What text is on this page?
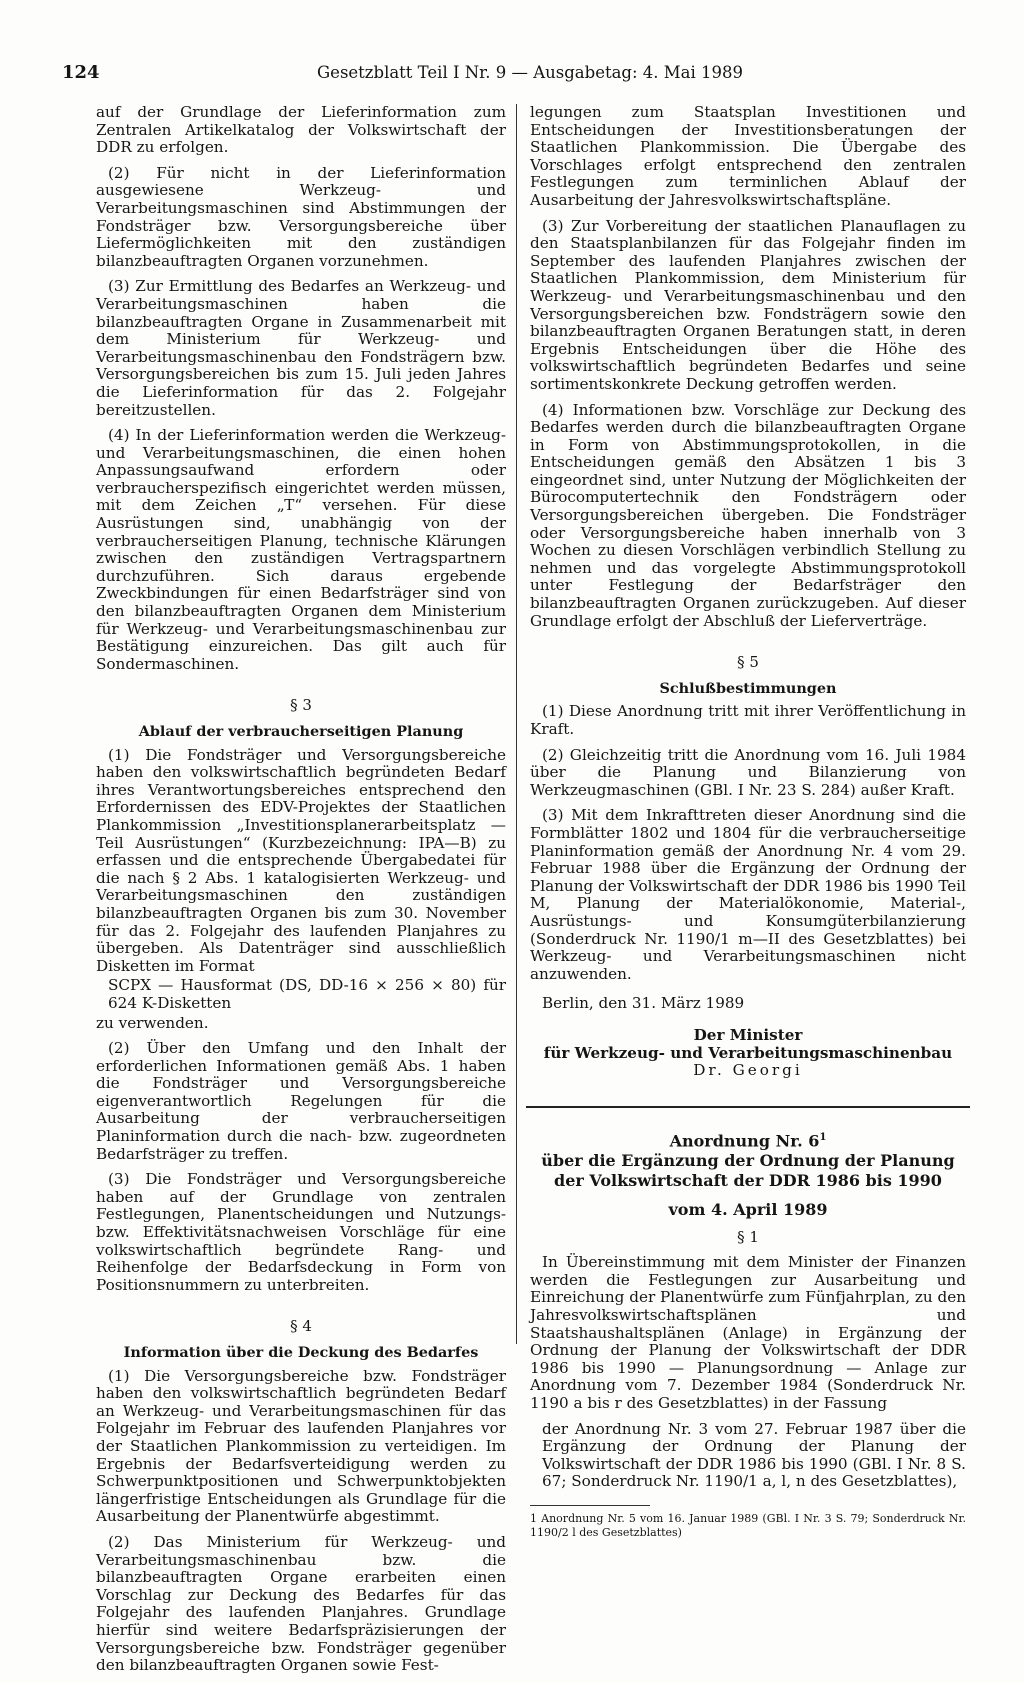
124	Gesetzblatt Teil I Nr. 9 — Ausgabetag: 4. Mai 1989

auf der Grundlage der Lieferinformation zum Zentralen Artikelkatalog der Volkswirtschaft der DDR zu erfolgen.

(2) Für nicht in der Lieferinformation ausgewiesene Werkzeug- und Verarbeitungsmaschinen sind Abstimmungen der Fondsträger bzw. Versorgungsbereiche über Liefermöglichkeiten mit den zuständigen bilanzbeauftragten Organen vorzunehmen.

(3) Zur Ermittlung des Bedarfes an Werkzeug- und Verarbeitungsmaschinen haben die bilanzbeauftragten Organe in Zusammenarbeit mit dem Ministerium für Werkzeug- und Verarbeitungsmaschinenbau den Fondsträgern bzw. Versorgungsbereichen bis zum 15. Juli jeden Jahres die Lieferinformation für das 2. Folgejahr bereitzustellen.

(4) In der Lieferinformation werden die Werkzeug- und Verarbeitungsmaschinen, die einen hohen Anpassungsaufwand erfordern oder verbraucherspezifisch eingerichtet werden müssen, mit dem Zeichen „T“ versehen. Für diese Ausrüstungen sind, unabhängig von der verbraucherseitigen Planung, technische Klärungen zwischen den zuständigen Vertragspartnern durchzuführen. Sich daraus ergebende Zweckbindungen für einen Bedarfsträger sind von den bilanzbeauftragten Organen dem Ministerium für Werkzeug- und Verarbeitungsmaschinenbau zur Bestätigung einzureichen. Das gilt auch für Sondermaschinen.

§ 3
Ablauf der verbraucherseitigen Planung

(1) Die Fondsträger und Versorgungsbereiche haben den volkswirtschaftlich begründeten Bedarf ihres Verantwortungsbereiches entsprechend den Erfordernissen des EDV-Projektes der Staatlichen Plankommission „Investitionsplanerarbeitsplatz — Teil Ausrüstungen“ (Kurzbezeichnung: IPA—B) zu erfassen und die entsprechende Übergabedatei für die nach § 2 Abs. 1 katalogisierten Werkzeug- und Verarbeitungsmaschinen den zuständigen bilanzbeauftragten Organen bis zum 30. November für das 2. Folgejahr des laufenden Planjahres zu übergeben. Als Datenträger sind ausschließlich Disketten im Format

SCPX — Hausformat (DS, DD-16 × 256 × 80) für 624 K-Disketten

zu verwenden.

(2) Über den Umfang und den Inhalt der erforderlichen Informationen gemäß Abs. 1 haben die Fondsträger und Versorgungsbereiche eigenverantwortlich Regelungen für die Ausarbeitung der verbraucherseitigen Planinformation durch die nach- bzw. zugeordneten Bedarfsträger zu treffen.

(3) Die Fondsträger und Versorgungsbereiche haben auf der Grundlage von zentralen Festlegungen, Planentscheidungen und Nutzungs- bzw. Effektivitätsnachweisen Vorschläge für eine volkswirtschaftlich begründete Rang- und Reihenfolge der Bedarfsdeckung in Form von Positionsnummern zu unterbreiten.

§ 4
Information über die Deckung des Bedarfes

(1) Die Versorgungsbereiche bzw. Fondsträger haben den volkswirtschaftlich begründeten Bedarf an Werkzeug- und Verarbeitungsmaschinen für das Folgejahr im Februar des laufenden Planjahres vor der Staatlichen Plankommission zu verteidigen. Im Ergebnis der Bedarfsverteidigung werden zu Schwerpunktpositionen und Schwerpunktobjekten längerfristige Entscheidungen als Grundlage für die Ausarbeitung der Planentwürfe abgestimmt.

(2) Das Ministerium für Werkzeug- und Verarbeitungsmaschinenbau bzw. die bilanzbeauftragten Organe erarbeiten einen Vorschlag zur Deckung des Bedarfes für das Folgejahr des laufenden Planjahres. Grundlage hierfür sind weitere Bedarfspräzisierungen der Versorgungsbereiche bzw. Fondsträger gegenüber den bilanzbeauftragten Organen sowie Fest-

legungen zum Staatsplan Investitionen und Entscheidungen der Investitionsberatungen der Staatlichen Plankommission. Die Übergabe des Vorschlages erfolgt entsprechend den zentralen Festlegungen zum terminlichen Ablauf der Ausarbeitung der Jahresvolkswirtschaftspläne.

(3) Zur Vorbereitung der staatlichen Planauflagen zu den Staatsplanbilanzen für das Folgejahr finden im September des laufenden Planjahres zwischen der Staatlichen Plankommission, dem Ministerium für Werkzeug- und Verarbeitungsmaschinenbau und den Versorgungsbereichen bzw. Fondsträgern sowie den bilanzbeauftragten Organen Beratungen statt, in deren Ergebnis Entscheidungen über die Höhe des volkswirtschaftlich begründeten Bedarfes und seine sortimentskonkrete Deckung getroffen werden.

(4) Informationen bzw. Vorschläge zur Deckung des Bedarfes werden durch die bilanzbeauftragten Organe in Form von Abstimmungsprotokollen, in die Entscheidungen gemäß den Absätzen 1 bis 3 eingeordnet sind, unter Nutzung der Möglichkeiten der Bürocomputertechnik den Fondsträgern oder Versorgungsbereichen übergeben. Die Fondsträger oder Versorgungsbereiche haben innerhalb von 3 Wochen zu diesen Vorschlägen verbindlich Stellung zu nehmen und das vorgelegte Abstimmungsprotokoll unter Festlegung der Bedarfsträger den bilanzbeauftragten Organen zurückzugeben. Auf dieser Grundlage erfolgt der Abschluß der Lieferverträge.

§ 5
Schlußbestimmungen

(1) Diese Anordnung tritt mit ihrer Veröffentlichung in Kraft.

(2) Gleichzeitig tritt die Anordnung vom 16. Juli 1984 über die Planung und Bilanzierung von Werkzeugmaschinen (GBl. I Nr. 23 S. 284) außer Kraft.

(3) Mit dem Inkrafttreten dieser Anordnung sind die Formblätter 1802 und 1804 für die verbraucherseitige Planinformation gemäß der Anordnung Nr. 4 vom 29. Februar 1988 über die Ergänzung der Ordnung der Planung der Volkswirtschaft der DDR 1986 bis 1990 Teil M, Planung der Materialökonomie, Material-, Ausrüstungs- und Konsumgüterbilanzierung (Sonderdruck Nr. 1190/1 m—II des Gesetzblattes) bei Werkzeug- und Verarbeitungsmaschinen nicht anzuwenden.

Berlin, den 31. März 1989

Der Minister

für Werkzeug- und Verarbeitungsmaschinenbau

Dr. Georgi

Anordnung Nr. $6^1$
über die Ergänzung der Ordnung der Planung
der Volkswirtschaft der DDR 1986 bis 1990
vom 4. April 1989
§ 1

In Übereinstimmung mit dem Minister der Finanzen werden die Festlegungen zur Ausarbeitung und Einreichung der Planentwürfe zum Fünfjahrplan, zu den Jahresvolkswirtschaftsplänen und Staatshaushaltsplänen (Anlage) in Ergänzung der Ordnung der Planung der Volkswirtschaft der DDR 1986 bis 1990 — Planungsordnung — Anlage zur Anordnung vom 7. Dezember 1984 (Sonderdruck Nr. 1190 a bis r des Gesetzblattes) in der Fassung

der Anordnung Nr. 3 vom 27. Februar 1987 über die Ergänzung der Ordnung der Planung der Volkswirtschaft der DDR 1986 bis 1990 (GBl. I Nr. 8 S. 67; Sonderdruck Nr. 1190/1 a, l, n des Gesetzblattes),

1 Anordnung Nr. 5 vom 16. Januar 1989 (GBl. I Nr. 3 S. 79; Sonderdruck Nr. 1190/2 l des Gesetzblattes)
